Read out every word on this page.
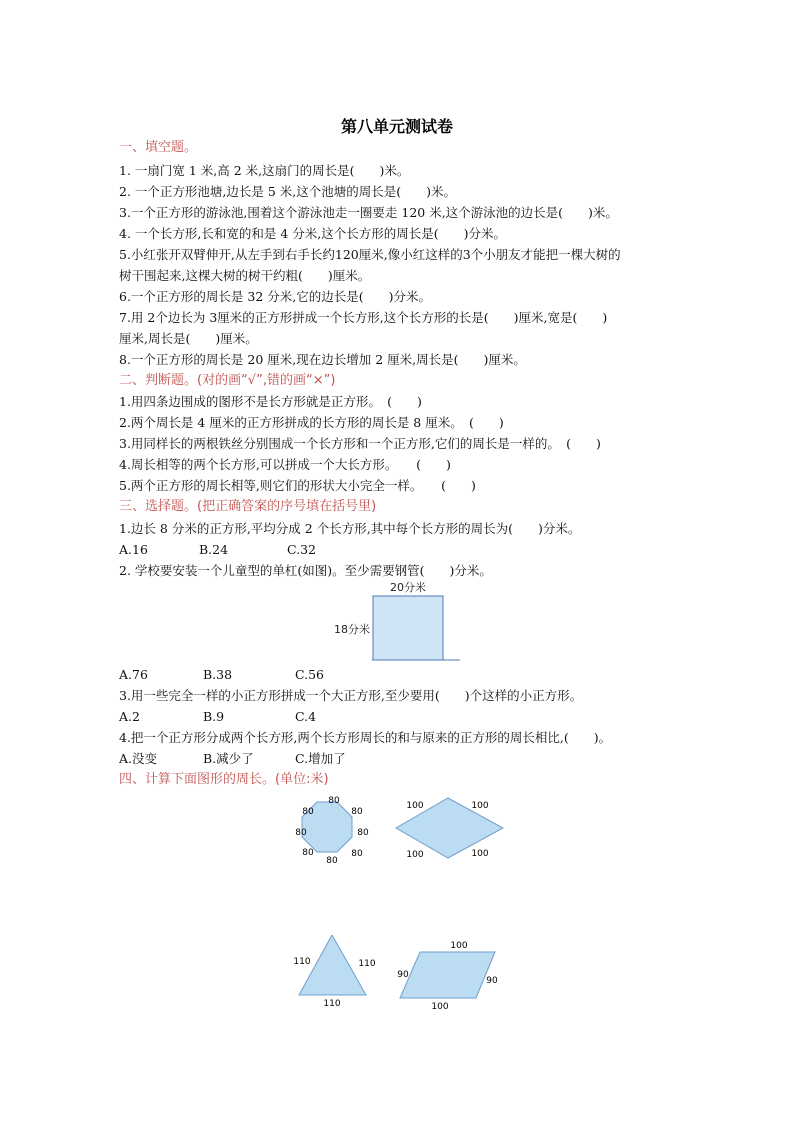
第八单元测试卷
一、填空题。
1. 一扇门宽 1 米,高 2 米,这扇门的周长是(　　)米。
2. 一个正方形池塘,边长是 5 米,这个池塘的周长是(　　)米。
3.一个正方形的游泳池,围着这个游泳池走一圈要走 120 米,这个游泳池的边长是(　　)米。
4. 一个长方形,长和宽的和是 4 分米,这个长方形的周长是(　　)分米。
5.小红张开双臂伸开,从左手到右手长约120厘米,像小红这样的3个小朋友才能把一棵大树的
树干围起来,这棵大树的树干约粗(　　)厘米。
6.一个正方形的周长是 32 分米,它的边长是(　　)分米。
7.用 2个边长为 3厘米的正方形拼成一个长方形,这个长方形的长是(　　)厘米,宽是(　　)
厘米,周长是(　　)厘米。
8.一个正方形的周长是 20 厘米,现在边长增加 2 厘米,周长是(　　)厘米。
二、判断题。(对的画“√”,错的画“×”)
1.用四条边围成的图形不是长方形就是正方形。　(　　)
2.两个周长是 4 厘米的正方形拼成的长方形的周长是 8 厘米。　(　　)
3.用同样长的两根铁丝分别围成一个长方形和一个正方形,它们的周长是一样的。　(　　)
4.周长相等的两个长方形,可以拼成一个大长方形。　　(　　)
5.两个正方形的周长相等,则它们的形状大小完全一样。　　(　　)
三、选择题。(把正确答案的序号填在括号里)
1.边长 8 分米的正方形,平均分成 2 个长方形,其中每个长方形的周长为(　　)分米。
A.16	B.24	C.32
2. 学校要安装一个儿童型的单杠(如图)。至少需要钢管(　　)分米。
20分米
18分米
A.76	B.38	C.56
3.用一些完全一样的小正方形拼成一个大正方形,至少要用(　　)个这样的小正方形。
A.2	B.9	C.4
4.把一个正方形分成两个长方形,两个长方形周长的和与原来的正方形的周长相比,(　　)。
A.没变	B.减少了	C.增加了
四、计算下面图形的周长。(单位:米)
80
80
80
80
80
80
80
80
100	100
100	100
110	110
110
100
90
90
100
